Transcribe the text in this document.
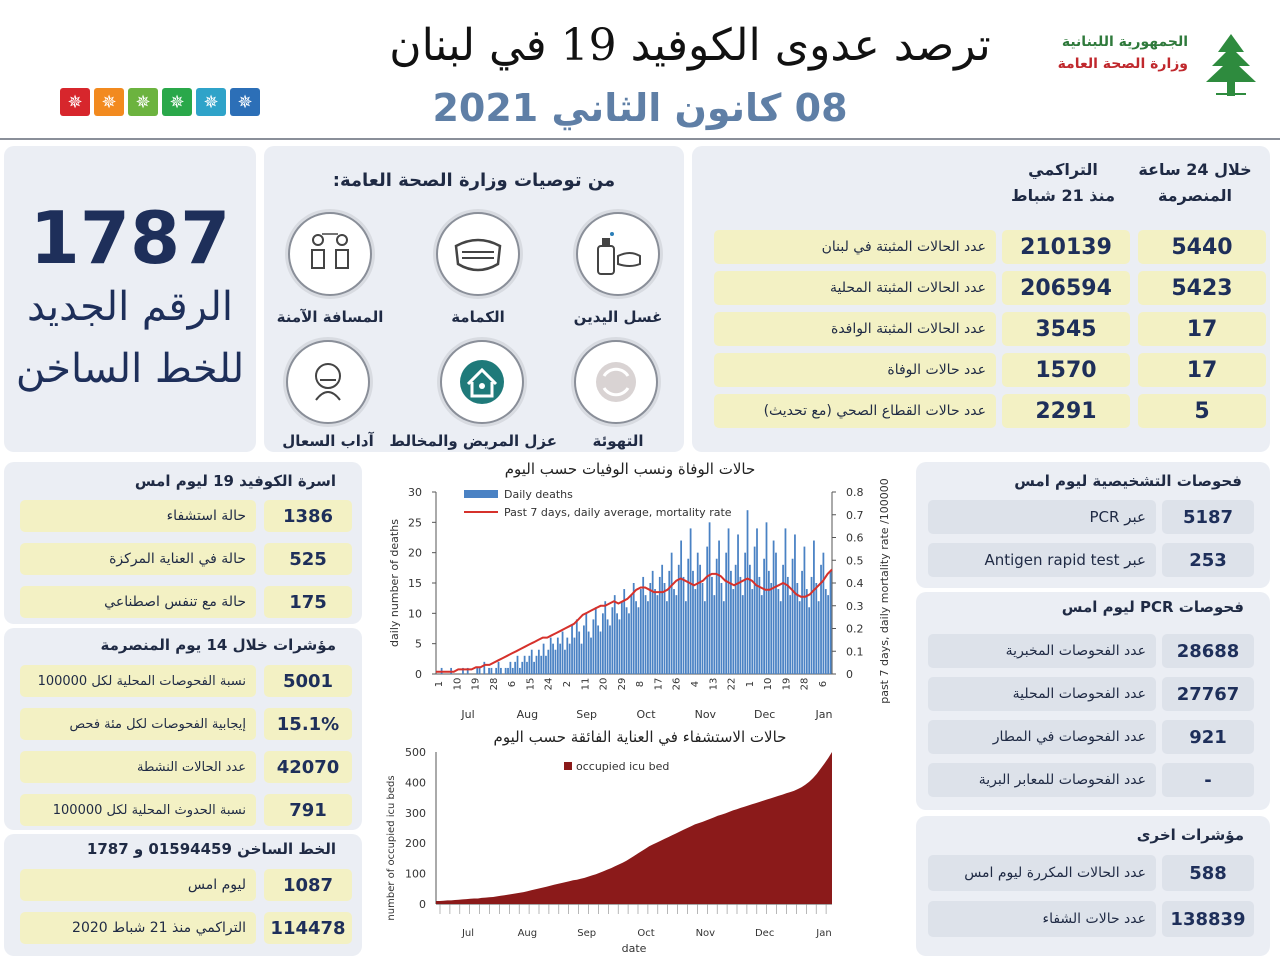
ترصد عدوى الكوفيد 19 في لبنان
08 كانون الثاني 2021
الجمهورية اللبنانية
وزارة الصحة العامة
✵	✵	✵	✵	✵	✵
1787
الرقم الجديد
للخط الساخن
من توصيات وزارة الصحة العامة:
غسل اليدين
الكمامة
المسافة الآمنة
التهوئة
عزل المريض والمخالط
آداب السعال
خلال 24 ساعة
المنصرمة
التراكمي
منذ 21 شباط
عدد الحالات المثبتة في لبنان	210139	5440
عدد الحالات المثبتة المحلية	206594	5423
عدد الحالات المثبتة الوافدة	3545	17
عدد حالات الوفاة	1570	17
عدد حالات القطاع الصحي (مع تحديث)	2291	5
اسرة الكوفيد 19 ليوم امس
حالة استشفاء	1386
حالة في العناية المركزة	525
حالة مع تنفس اصطناعي	175
مؤشرات خلال 14 يوم المنصرمة
نسبة الفحوصات المحلية لكل 100000	5001
إيجابية الفحوصات لكل مئة فحص	15.1%
عدد الحالات النشطة	42070
نسبة الحدوث المحلية لكل 100000	791
الخط الساخن 01594459 و 1787
ليوم امس	1087
التراكمي منذ 21 شباط 2020	114478
حالات الوفاة ونسب الوفيات حسب اليوم
0
5
10
15
20
25
30
0
0.1
0.2
0.3
0.4
0.5
0.6
0.7
0.8
daily number of deaths	past 7 days, daily mortality rate /100000
1 10 19 28 6 15 24 2 11 20 29 8 17 26 4 13 22 1 10 19 28 6
Jul	Aug	Sep	Oct	Nov	Dec	Jan
Daily deaths
Past 7 days, daily average, mortality rate
حالات الاستشفاء في العناية الفائقة حسب اليوم
0
100
200
300
400
500
number of occupied icu beds
Jul	Aug	Sep	Oct	Nov	Dec	Jan
date
occupied icu bed
فحوصات التشخيصية ليوم امس
فحوصات PCR ليوم امس
مؤشرات اخرى
عبر PCR	5187
عبر Antigen rapid test	253
عدد الفحوصات المخبرية	28688
عدد الفحوصات المحلية	27767
عدد الفحوصات في المطار	921
عدد الفحوصات للمعابر البرية	-
عدد الحالات المكررة ليوم امس	588
عدد حالات الشفاء	138839
